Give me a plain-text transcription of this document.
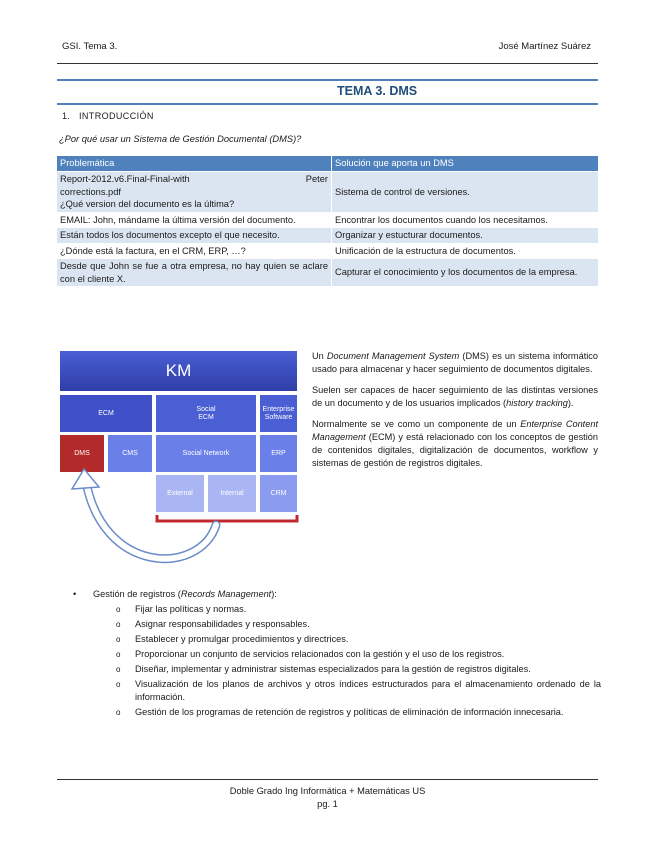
GSI. Tema 3.	José Martínez Suárez
TEMA 3. DMS
1. INTRODUCCIÓN
¿Por qué usar un Sistema de Gestión Documental (DMS)?
Problemática	Solución que aporta un DMS

Report-2012.v6.Final-Final-with Peter
corrections.pdf
¿Qué version del documento es la última?	Sistema de control de versiones.
EMAIL: John, mándame la última versión del documento.	Encontrar los documentos cuando los necesitamos.
Están todos los documentos excepto el que necesito.	Organizar y estucturar documentos.
¿Dónde está la factura, en el CRM, ERP, …?	Unificación de la estructura de documentos.
Desde que John se fue a otra empresa, no hay quien se aclare con el cliente X.	Capturar el conocimiento y los documentos de la empresa.
KM
ECM
Social
ECM
Enterprise
Software
DMS	CMS	Social Network	ERP
External	Internal	CRM

Un Document Management System (DMS) es un sistema informático usado para almacenar y hacer seguimiento de documentos digitales.

Suelen ser capaces de hacer seguimiento de las distintas versiones de un documento y de los usuarios implicados (history tracking).

Normalmente se ve como un componente de un Enterprise Content Management (ECM) y está relacionado con los conceptos de gestión de contenidos digitales, digitalización de documentos, workflow y sistemas de gestión de registros digitales.

•	Gestión de registros (Records Management):
o Fijar las políticas y normas.
o Asignar responsabilidades y responsables.
o Establecer y promulgar procedimientos y directrices.
o Proporcionar un conjunto de servicios relacionados con la gestión y el uso de los registros.
o Diseñar, implementar y administrar sistemas especializados para la gestión de registros digitales.
o Visualización de los planos de archivos y otros índices estructurados para el almacenamiento ordenado de la información.
o Gestión de los programas de retención de registros y políticas de eliminación de información innecesaria.
Doble Grado Ing Informática + Matemáticas US
pg. 1
